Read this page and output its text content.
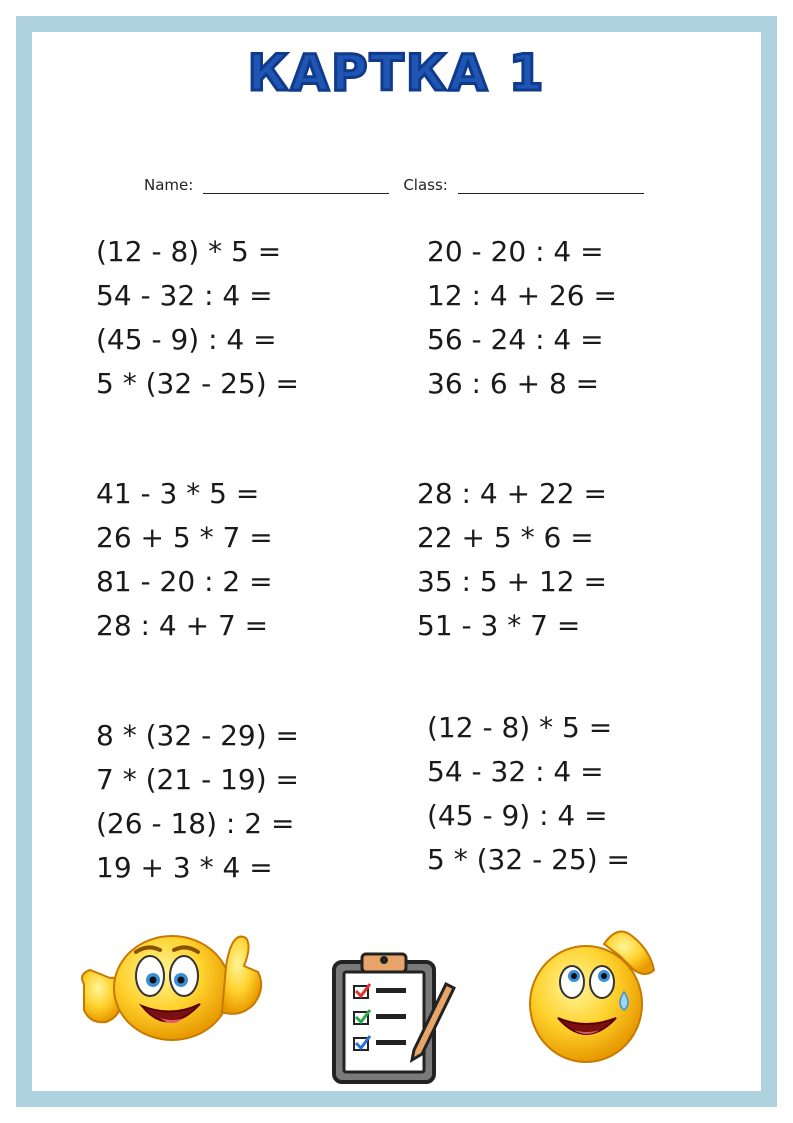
КАРТКА 1
Name:	Class:
(12 - 8) * 5 =
54 - 32 : 4 =
(45 - 9) : 4 =
5 * (32 - 25) =
20 - 20 : 4 =
12 : 4 + 26 =
56 - 24 : 4 =
36 : 6 + 8 =
41 - 3 * 5 =
26 + 5 * 7 =
81 - 20 : 2 =
28 : 4 + 7 =
28 : 4 + 22 =
22 + 5 * 6 =
35 : 5 + 12 =
51 - 3 * 7 =
8 * (32 - 29) =
7 * (21 - 19) =
(26 - 18) : 2 =
19 + 3 * 4 =
(12 - 8) * 5 =
54 - 32 : 4 =
(45 - 9) : 4 =
5 * (32 - 25) =
